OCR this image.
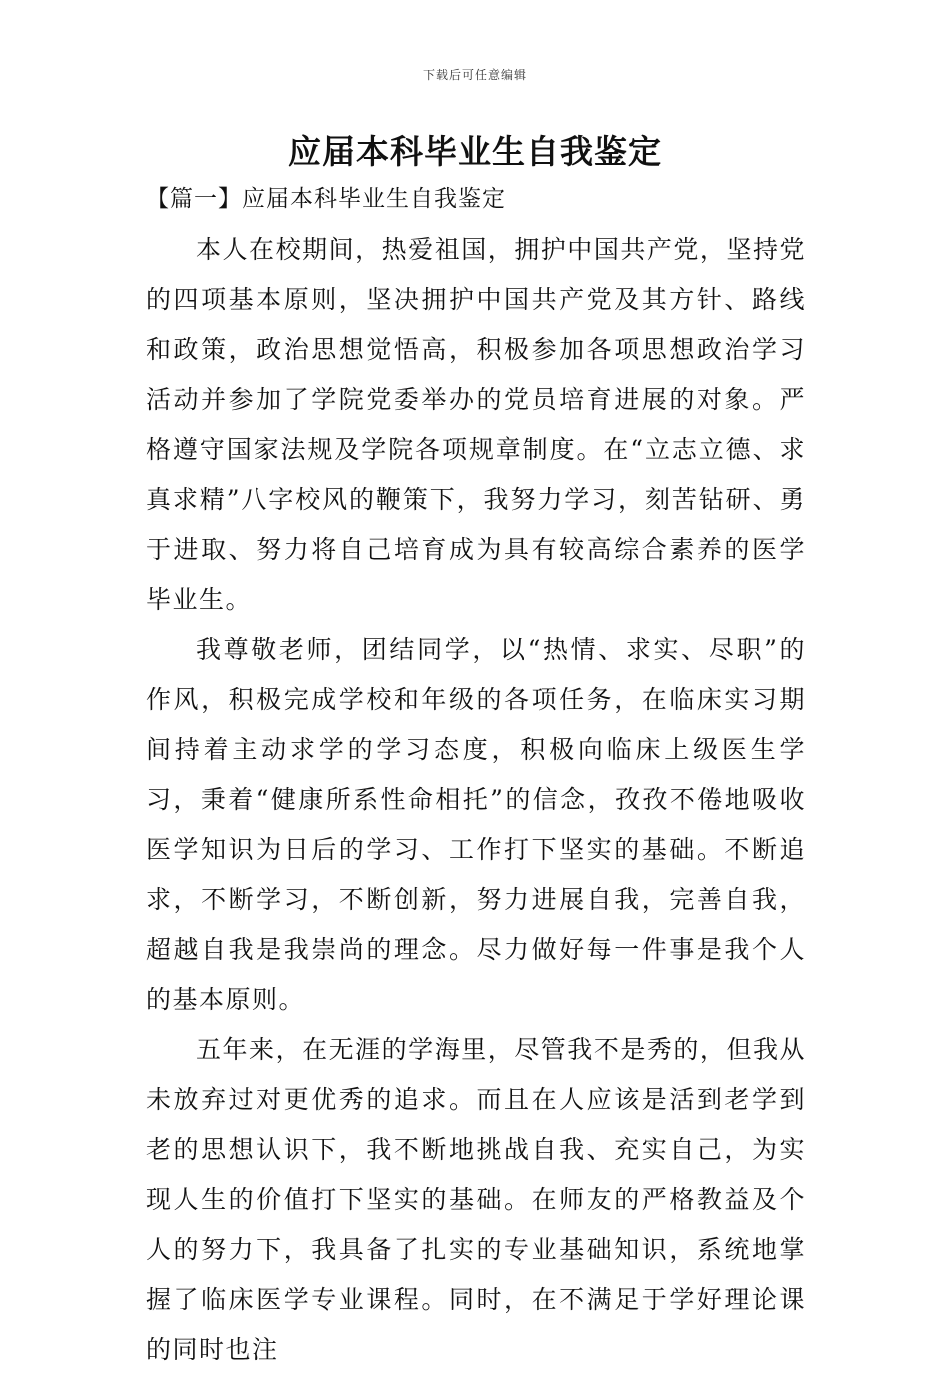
下载后可任意编辑
应届本科毕业生自我鉴定
【篇一】应届本科毕业生自我鉴定

本人在校期间，热爱祖国，拥护中国共产党，坚持党的四项基本原则，坚决拥护中国共产党及其方针、路线和政策，政治思想觉悟高，积极参加各项思想政治学习活动并参加了学院党委举办的党员培育进展的对象。严格遵守国家法规及学院各项规章制度。在“立志立德、求真求精”八字校风的鞭策下，我努力学习，刻苦钻研、勇于进取、努力将自己培育成为具有较高综合素养的医学毕业生。

我尊敬老师，团结同学，以“热情、求实、尽职”的作风，积极完成学校和年级的各项任务，在临床实习期间持着主动求学的学习态度，积极向临床上级医生学习，秉着“健康所系性命相托”的信念，孜孜不倦地吸收医学知识为日后的学习、工作打下坚实的基础。不断追求，不断学习，不断创新，努力进展自我，完善自我，超越自我是我崇尚的理念。尽力做好每一件事是我个人的基本原则。

五年来，在无涯的学海里，尽管我不是秀的，但我从未放弃过对更优秀的追求。而且在人应该是活到老学到老的思想认识下，我不断地挑战自我、充实自己，为实现人生的价值打下坚实的基础。在师友的严格教益及个人的努力下，我具备了扎实的专业基础知识，系统地掌握了临床医学专业课程。同时，在不满足于学好理论课的同时也注
